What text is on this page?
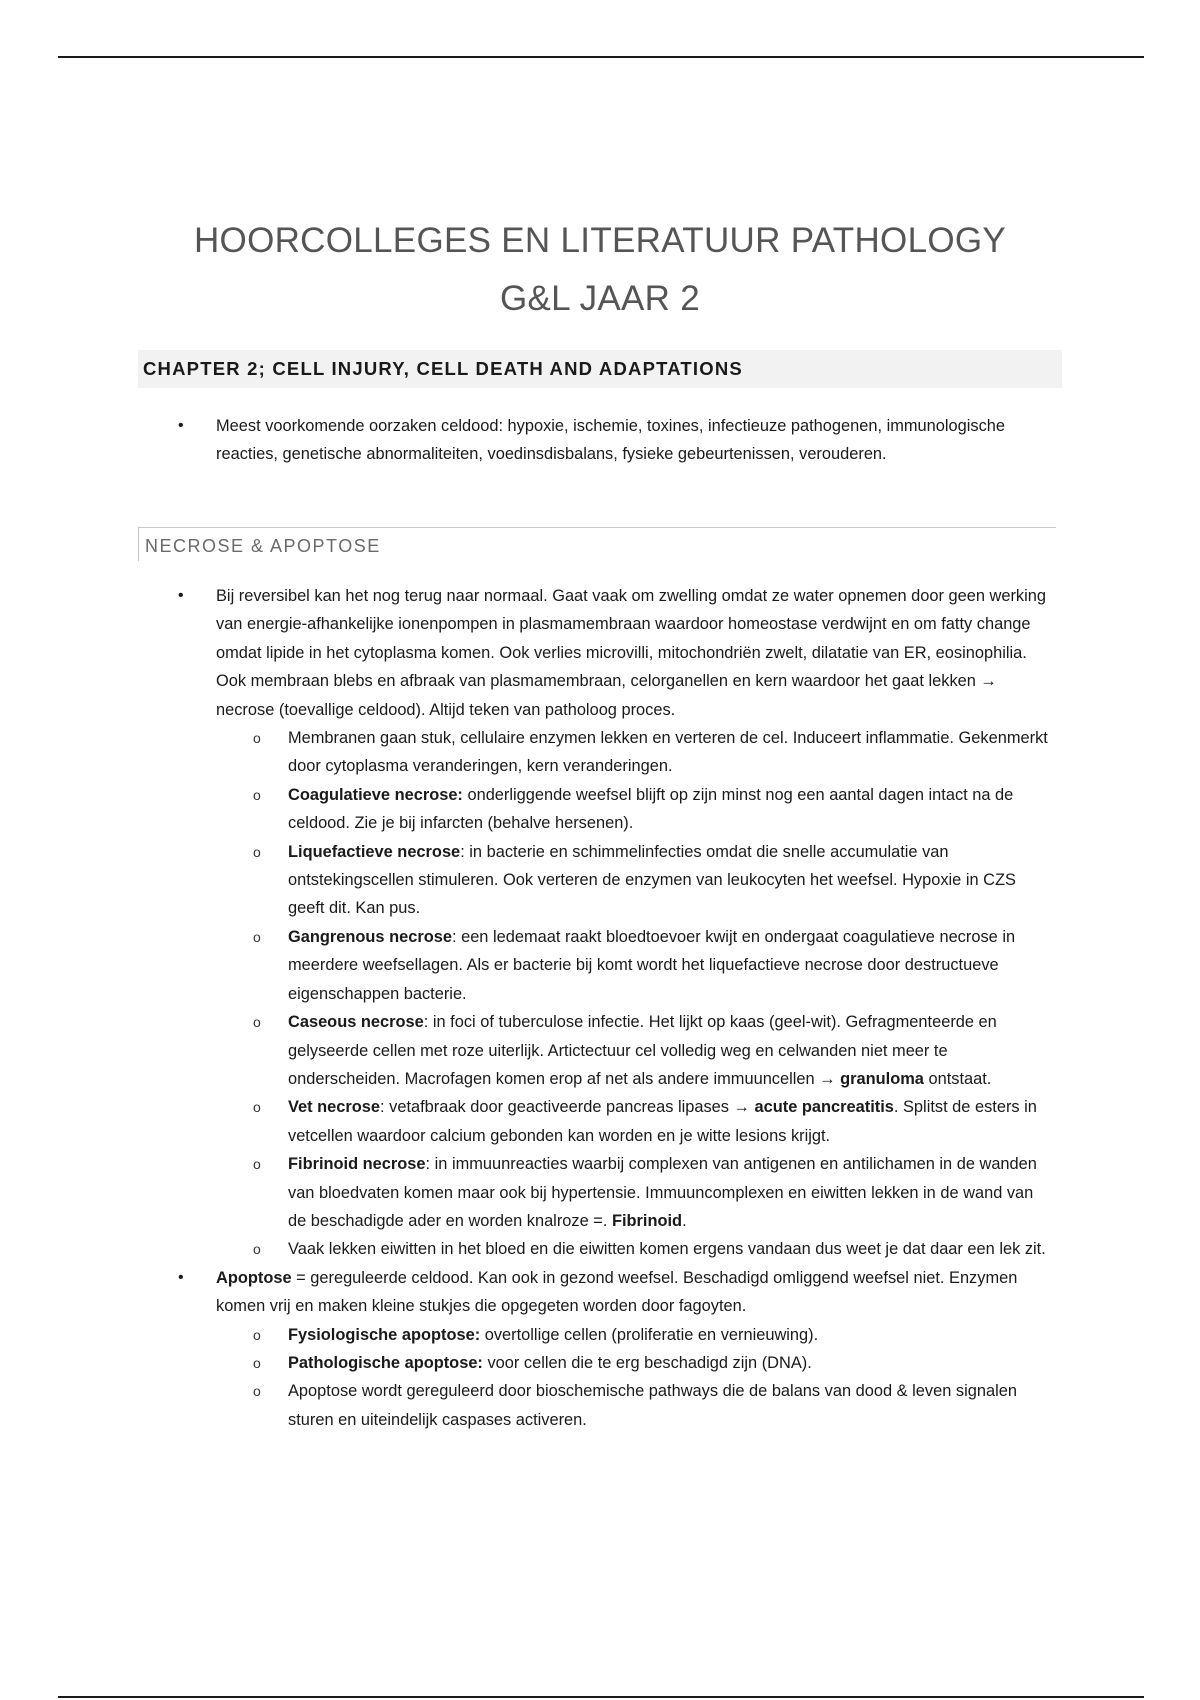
HOORCOLLEGES EN LITERATUUR PATHOLOGY
G&L JAAR 2
CHAPTER 2; CELL INJURY, CELL DEATH AND ADAPTATIONS
• Meest voorkomende oorzaken celdood: hypoxie, ischemie, toxines, infectieuze pathogenen, immunologische reacties, genetische abnormaliteiten, voedinsdisbalans, fysieke gebeurtenissen, verouderen.
NECROSE & APOPTOSE
• Bij reversibel kan het nog terug naar normaal. Gaat vaak om zwelling omdat ze water opnemen door geen werking van energie-afhankelijke ionenpompen in plasmamembraan waardoor homeostase verdwijnt en om fatty change omdat lipide in het cytoplasma komen. Ook verlies microvilli, mitochondriën zwelt, dilatatie van ER, eosinophilia. Ook membraan blebs en afbraak van plasmamembraan, celorganellen en kern waardoor het gaat lekken → necrose (toevallige celdood). Altijd teken van patholoog proces.
o Membranen gaan stuk, cellulaire enzymen lekken en verteren de cel. Induceert inflammatie. Gekenmerkt door cytoplasma veranderingen, kern veranderingen.
o Coagulatieve necrose: onderliggende weefsel blijft op zijn minst nog een aantal dagen intact na de celdood. Zie je bij infarcten (behalve hersenen).
o Liquefactieve necrose: in bacterie en schimmelinfecties omdat die snelle accumulatie van ontstekingscellen stimuleren. Ook verteren de enzymen van leukocyten het weefsel. Hypoxie in CZS geeft dit. Kan pus.
o Gangrenous necrose: een ledemaat raakt bloedtoevoer kwijt en ondergaat coagulatieve necrose in meerdere weefsellagen. Als er bacterie bij komt wordt het liquefactieve necrose door destructueve eigenschappen bacterie.
o Caseous necrose: in foci of tuberculose infectie. Het lijkt op kaas (geel-wit). Gefragmenteerde en gelyseerde cellen met roze uiterlijk. Artictectuur cel volledig weg en celwanden niet meer te onderscheiden. Macrofagen komen erop af net als andere immuuncellen → granuloma ontstaat.
o Vet necrose: vetafbraak door geactiveerde pancreas lipases → acute pancreatitis. Splitst de esters in vetcellen waardoor calcium gebonden kan worden en je witte lesions krijgt.
o Fibrinoid necrose: in immuunreacties waarbij complexen van antigenen en antilichamen in de wanden van bloedvaten komen maar ook bij hypertensie. Immuuncomplexen en eiwitten lekken in de wand van de beschadigde ader en worden knalroze =. Fibrinoid.
o Vaak lekken eiwitten in het bloed en die eiwitten komen ergens vandaan dus weet je dat daar een lek zit.
• Apoptose = gereguleerde celdood. Kan ook in gezond weefsel. Beschadigd omliggend weefsel niet. Enzymen komen vrij en maken kleine stukjes die opgegeten worden door fagoyten.
o Fysiologische apoptose: overtollige cellen (proliferatie en vernieuwing).
o Pathologische apoptose: voor cellen die te erg beschadigd zijn (DNA).
o Apoptose wordt gereguleerd door bioschemische pathways die de balans van dood & leven signalen sturen en uiteindelijk caspases activeren.
